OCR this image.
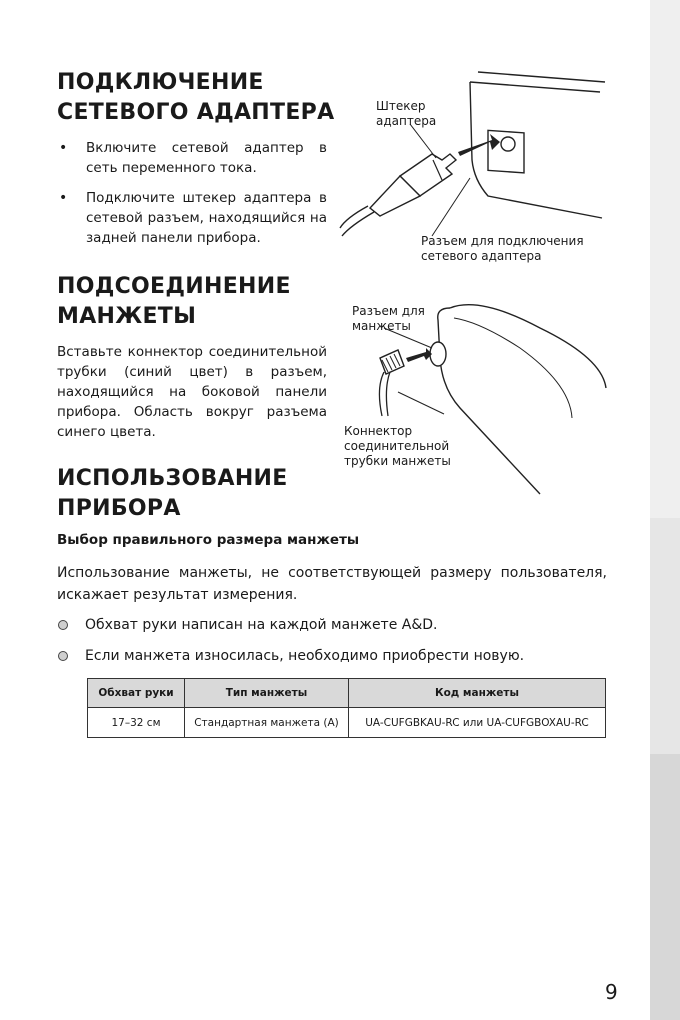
ПОДКЛЮЧЕНИЕ
СЕТЕВОГО АДАПТЕРА
• Включите сетевой адаптер в сеть переменного тока.
• Подключите штекер адаптера в сетевой разъем, находящийся на задней панели прибора.

Штекер адаптера

Разъем для подключения сетевого адаптера

ПОДСОЕДИНЕНИЕ
МАНЖЕТЫ

Вставьте коннектор соединительной трубки (синий цвет) в разъем, находящийся на боковой панели прибора. Область вокруг разъема синего цвета.

Разъем для манжеты

Коннектор соединительной трубки манжеты

ИСПОЛЬЗОВАНИЕ
ПРИБОРА

Выбор правильного размера манжеты

Использование манжеты, не соответствующей размеру пользователя, искажает результат измерения.

Обхват руки написан на каждой манжете A&D.
Если манжета износилась, необходимо приобрести новую.
Обхват руки	Тип манжеты	Код манжеты
17–32 см	Стандартная манжета (A)	UA-CUFGBKAU-RC или UA-CUFGBOXAU-RC

9
